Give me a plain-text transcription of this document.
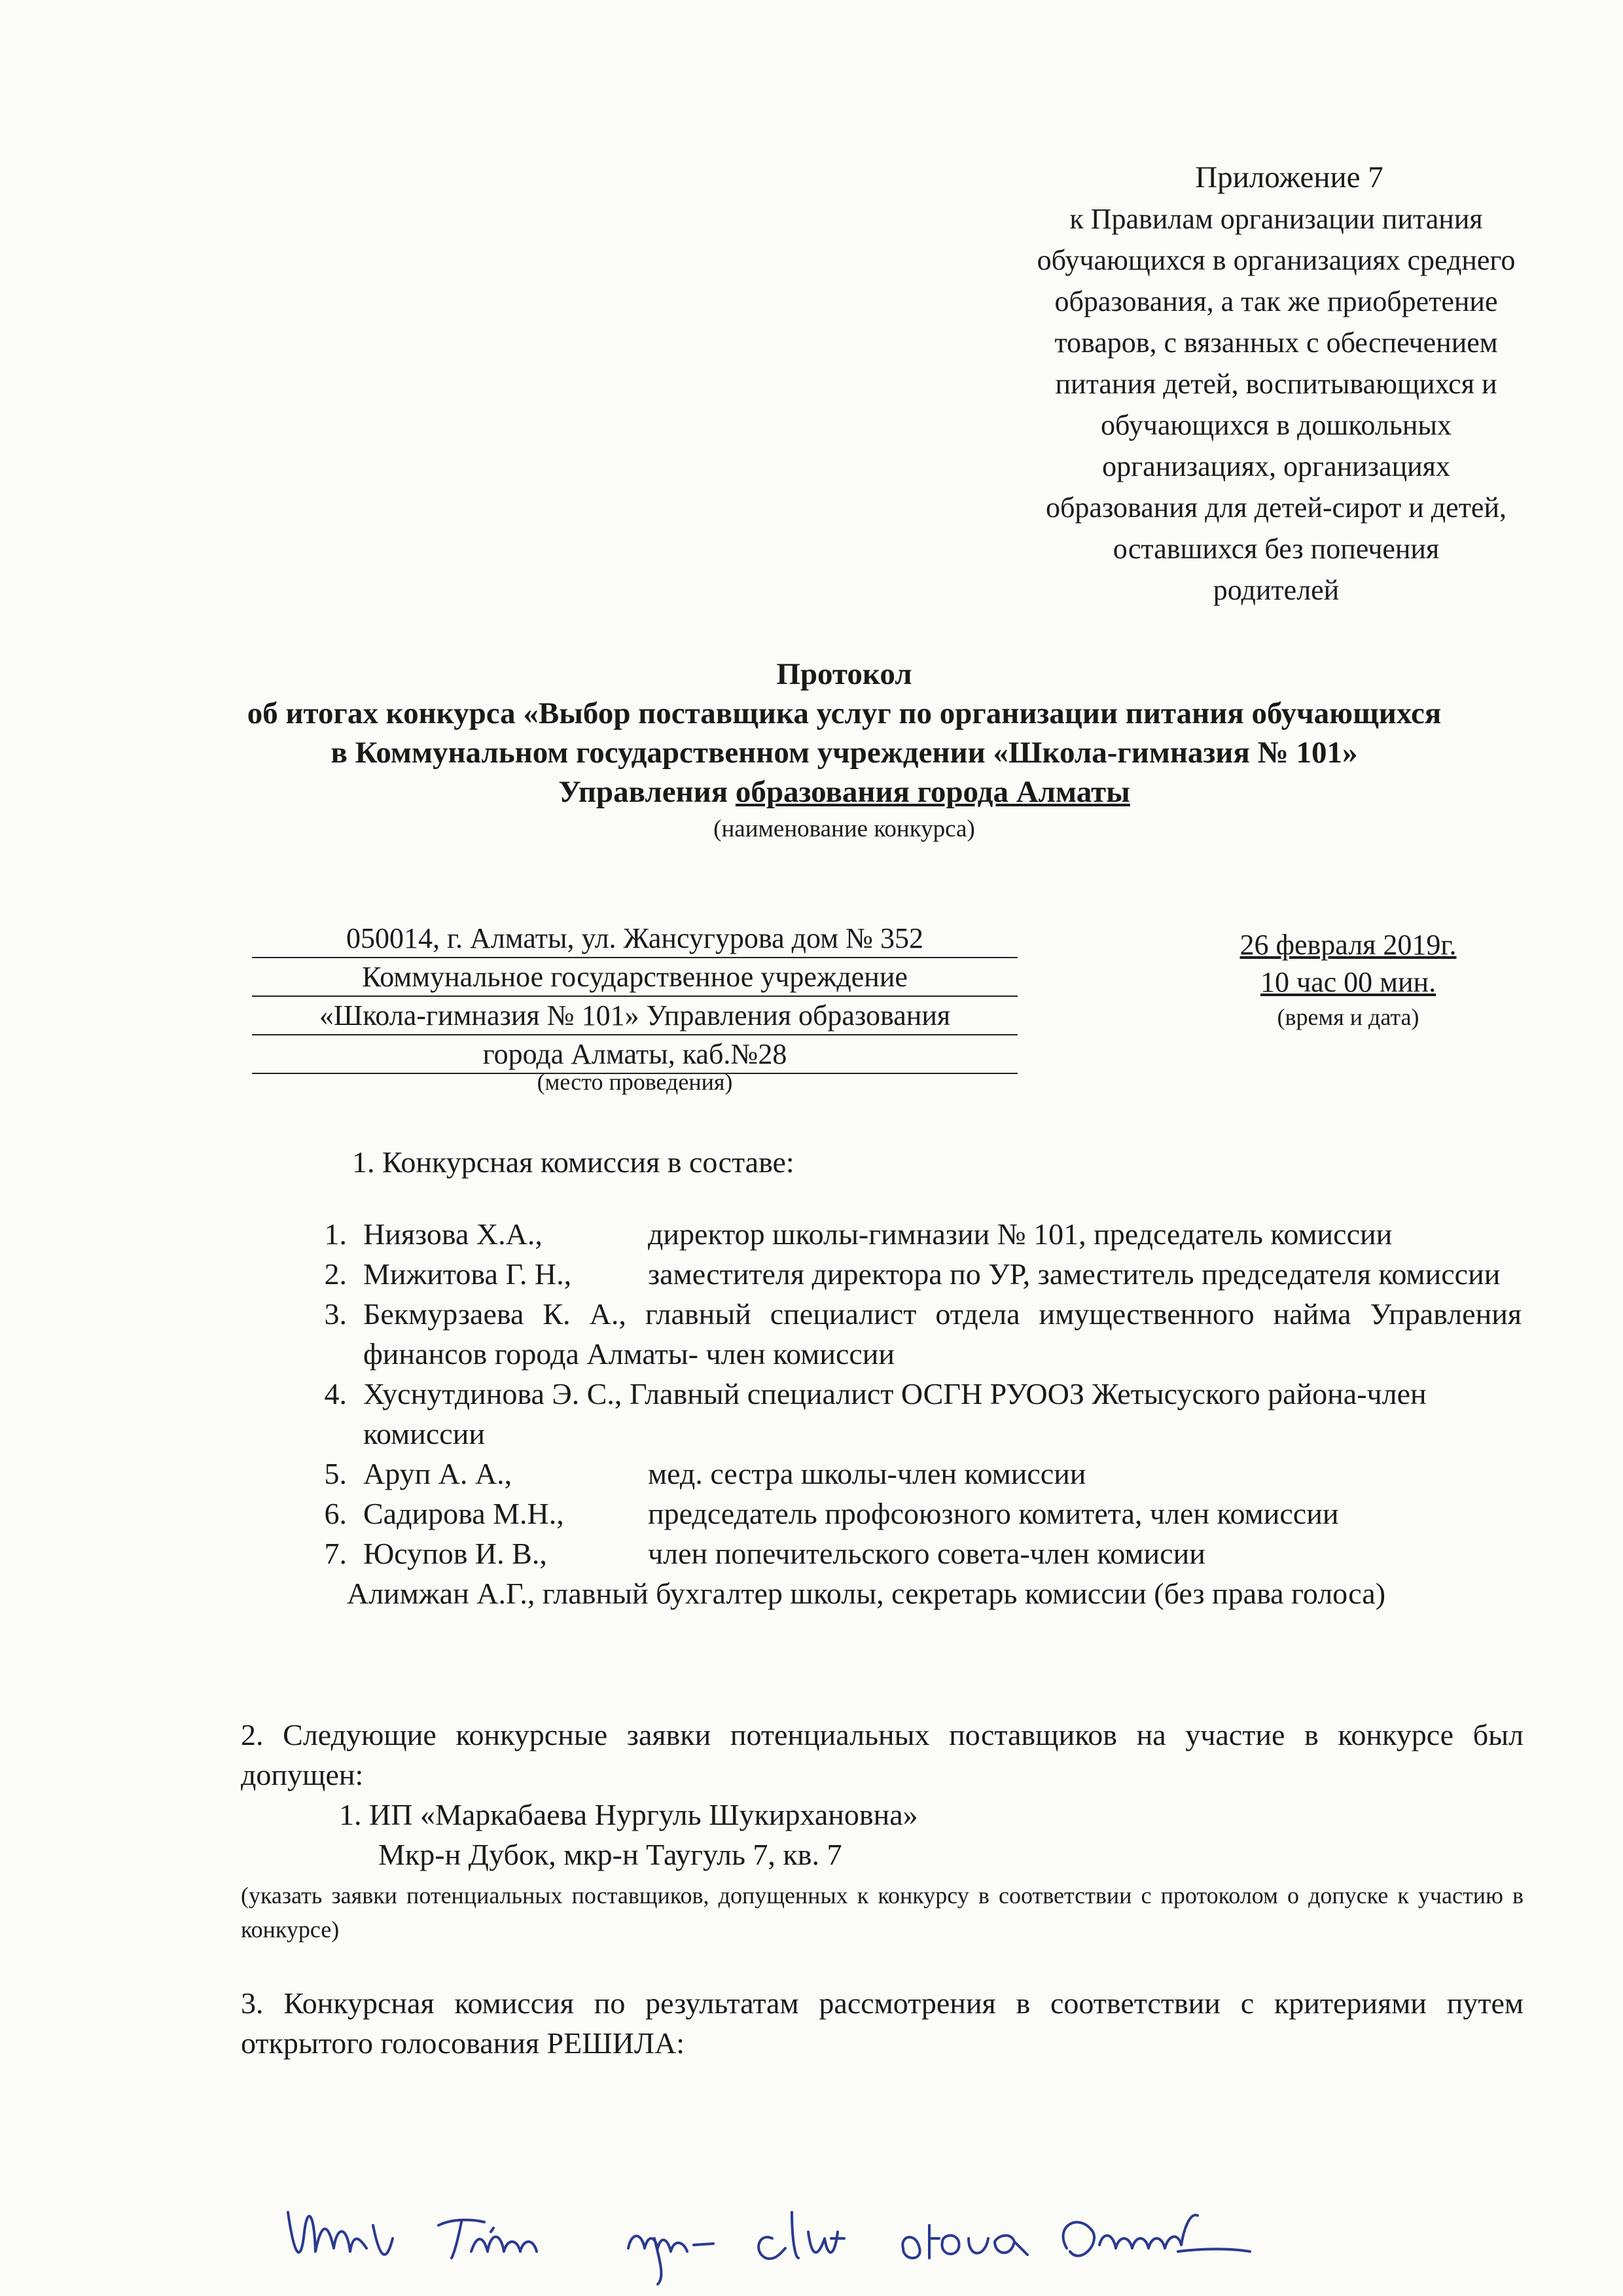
Приложение 7
к Правилам организации питания
обучающихся в организациях среднего
образования, а так же приобретение
товаров, с вязанных с обеспечением
питания детей, воспитывающихся и
обучающихся в дошкольных
организациях, организациях
образования для детей-сирот и детей,
оставшихся без попечения
родителей
Протокол
об итогах конкурса «Выбор поставщика услуг по организации питания обучающихся
в Коммунальном государственном учреждении «Школа-гимназия № 101»
Управления образования города Алматы
(наименование конкурса)
050014, г. Алматы, ул. Жансугурова дом № 352
Коммунальное государственное учреждение
«Школа-гимназия № 101» Управления образования
города Алматы, каб.№28
(место проведения)
26 февраля 2019г.
10 час 00 мин.
(время и дата)
1. Конкурсная комиссия в составе:
1. Ниязова Х.А.,	директор школы-гимназии № 101, председатель комиссии
2. Мижитова Г. Н.,	заместителя директора по УР, заместитель председателя комиссии
3. Бекмурзаева К. А., главный специалист отдела имущественного найма Управления финансов города Алматы- член комиссии
4. Хуснутдинова Э. С., Главный специалист ОСГН РУООЗ Жетысуского района-член комиссии
5. Аруп А. А.,	мед. сестра школы-член комиссии
6. Садирова М.Н.,	председатель профсоюзного комитета, член комиссии
7. Юсупов И. В.,	член попечительского совета-член комисии
Алимжан А.Г., главный бухгалтер школы, секретарь комиссии (без права голоса)
2. Следующие конкурсные заявки потенциальных поставщиков на участие в конкурсе был допущен:
1. ИП «Маркабаева Нургуль Шукирхановна»
Мкр-н Дубок, мкр-н Таугуль 7, кв. 7
(указать заявки потенциальных поставщиков, допущенных к конкурсу в соответствии с протоколом о допуске к участию в конкурсе)
3. Конкурсная комиссия по результатам рассмотрения в соответствии с критериями путем открытого голосования РЕШИЛА:
